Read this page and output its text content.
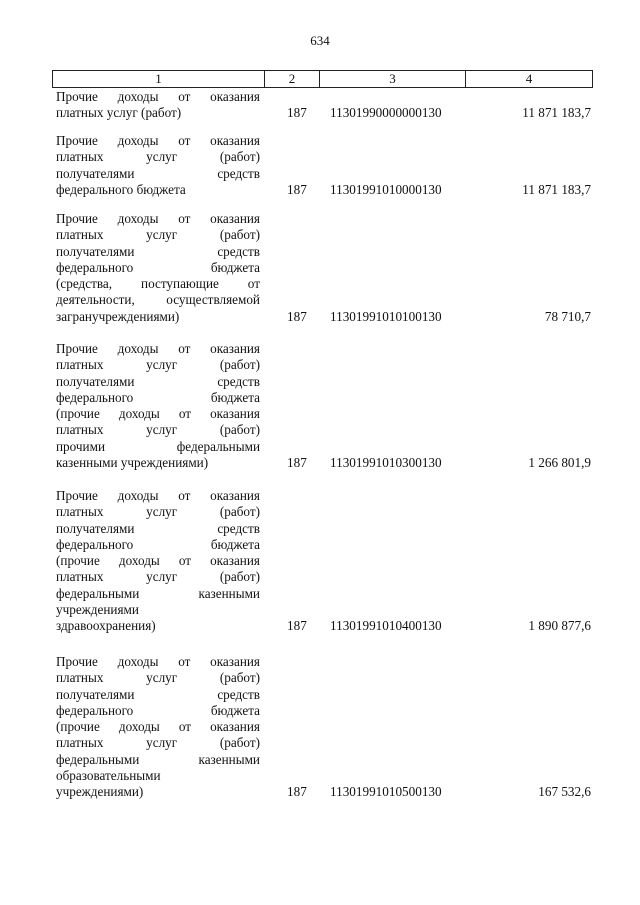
634
1	2	3	4
Прочие доходы от оказания
платных услуг (работ)	187 11301990000000130	11 871 183,7
Прочие доходы от оказания
платных услуг (работ)
получателями средств
федерального бюджета	187 11301991010000130	11 871 183,7
Прочие доходы от оказания
платных услуг (работ)
получателями средств
федерального бюджета
(средства, поступающие от
деятельности, осуществляемой
загранучреждениями)	187 11301991010100130	78 710,7
Прочие доходы от оказания
платных услуг (работ)
получателями средств
федерального бюджета
(прочие доходы от оказания
платных услуг (работ)
прочими федеральными
казенными учреждениями)	187 11301991010300130	1 266 801,9
Прочие доходы от оказания
платных услуг (работ)
получателями средств
федерального бюджета
(прочие доходы от оказания
платных услуг (работ)
федеральными казенными
учреждениями
здравоохранения)	187 11301991010400130	1 890 877,6
Прочие доходы от оказания
платных услуг (работ)
получателями средств
федерального бюджета
(прочие доходы от оказания
платных услуг (работ)
федеральными казенными
образовательными
учреждениями)	187 11301991010500130	167 532,6
